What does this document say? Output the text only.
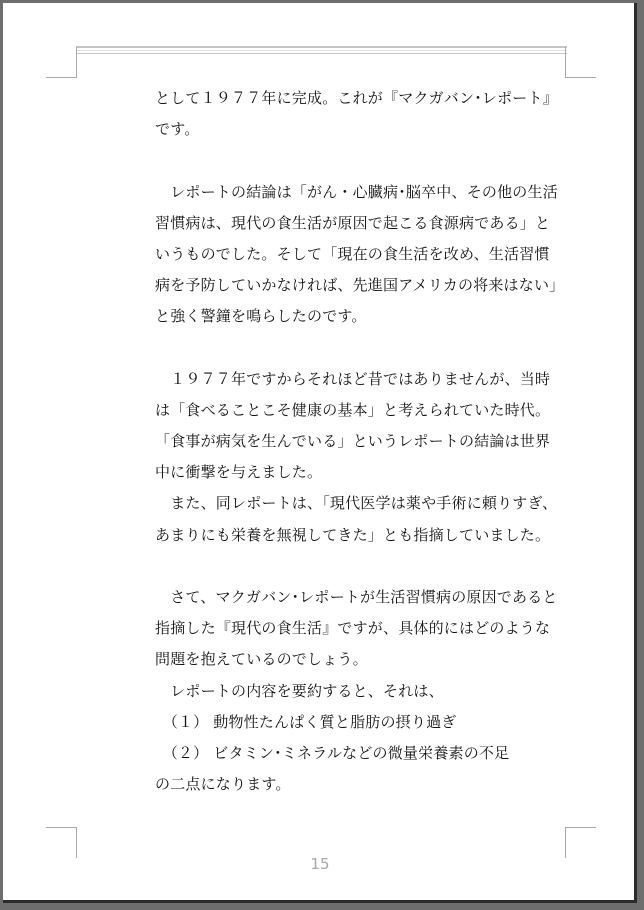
として１９７７年に完成。これが『マクガバン･レポート』
です。
　レポートの結論は「がん・心臓病･脳卒中、その他の生活
習慣病は、現代の食生活が原因で起こる食源病である」と
いうものでした。そして「現在の食生活を改め、生活習慣
病を予防していかなければ、先進国アメリカの将来はない」
と強く警鐘を鳴らしたのです。
　１９７７年ですからそれほど昔ではありませんが、当時
は「食べることこそ健康の基本」と考えられていた時代。
「食事が病気を生んでいる」というレポートの結論は世界
中に衝撃を与えました。
　また、同レポートは、「現代医学は薬や手術に頼りすぎ、
あまりにも栄養を無視してきた」とも指摘していました。
　さて、マクガバン･レポートが生活習慣病の原因であると
指摘した『現代の食生活』ですが、具体的にはどのような
問題を抱えているのでしょう。
　レポートの内容を要約すると、それは、
　（１） 動物性たんぱく質と脂肪の摂り過ぎ
　（２） ビタミン･ミネラルなどの微量栄養素の不足
の二点になります。
15
